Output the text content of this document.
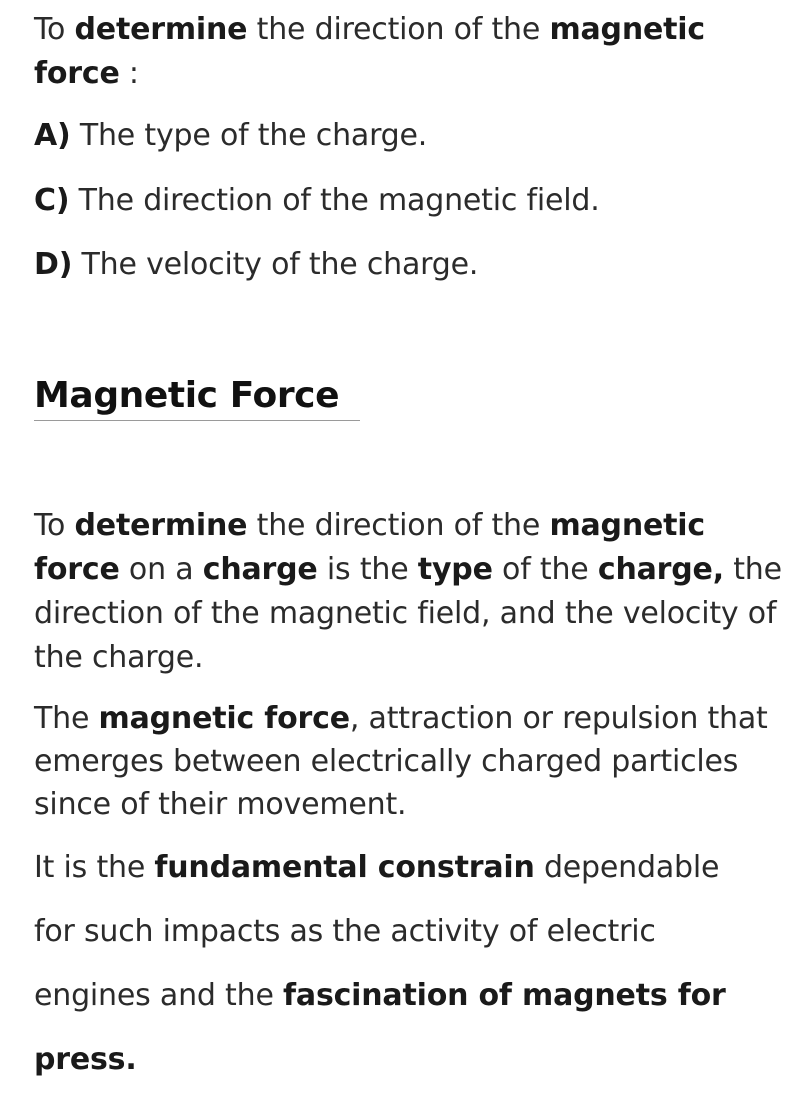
To determine the direction of the magnetic

force :

A) The type of the charge.

C) The direction of the magnetic field.

D) The velocity of the charge.

Magnetic Force

To determine the direction of the magnetic force on a charge is the type of the charge, the direction of the magnetic field, and the velocity of the charge.

The magnetic force, attraction or repulsion that emerges between electrically charged particles since of their movement.

It is the fundamental constrain dependable

for such impacts as the activity of electric

engines and the fascination of magnets for

press.
